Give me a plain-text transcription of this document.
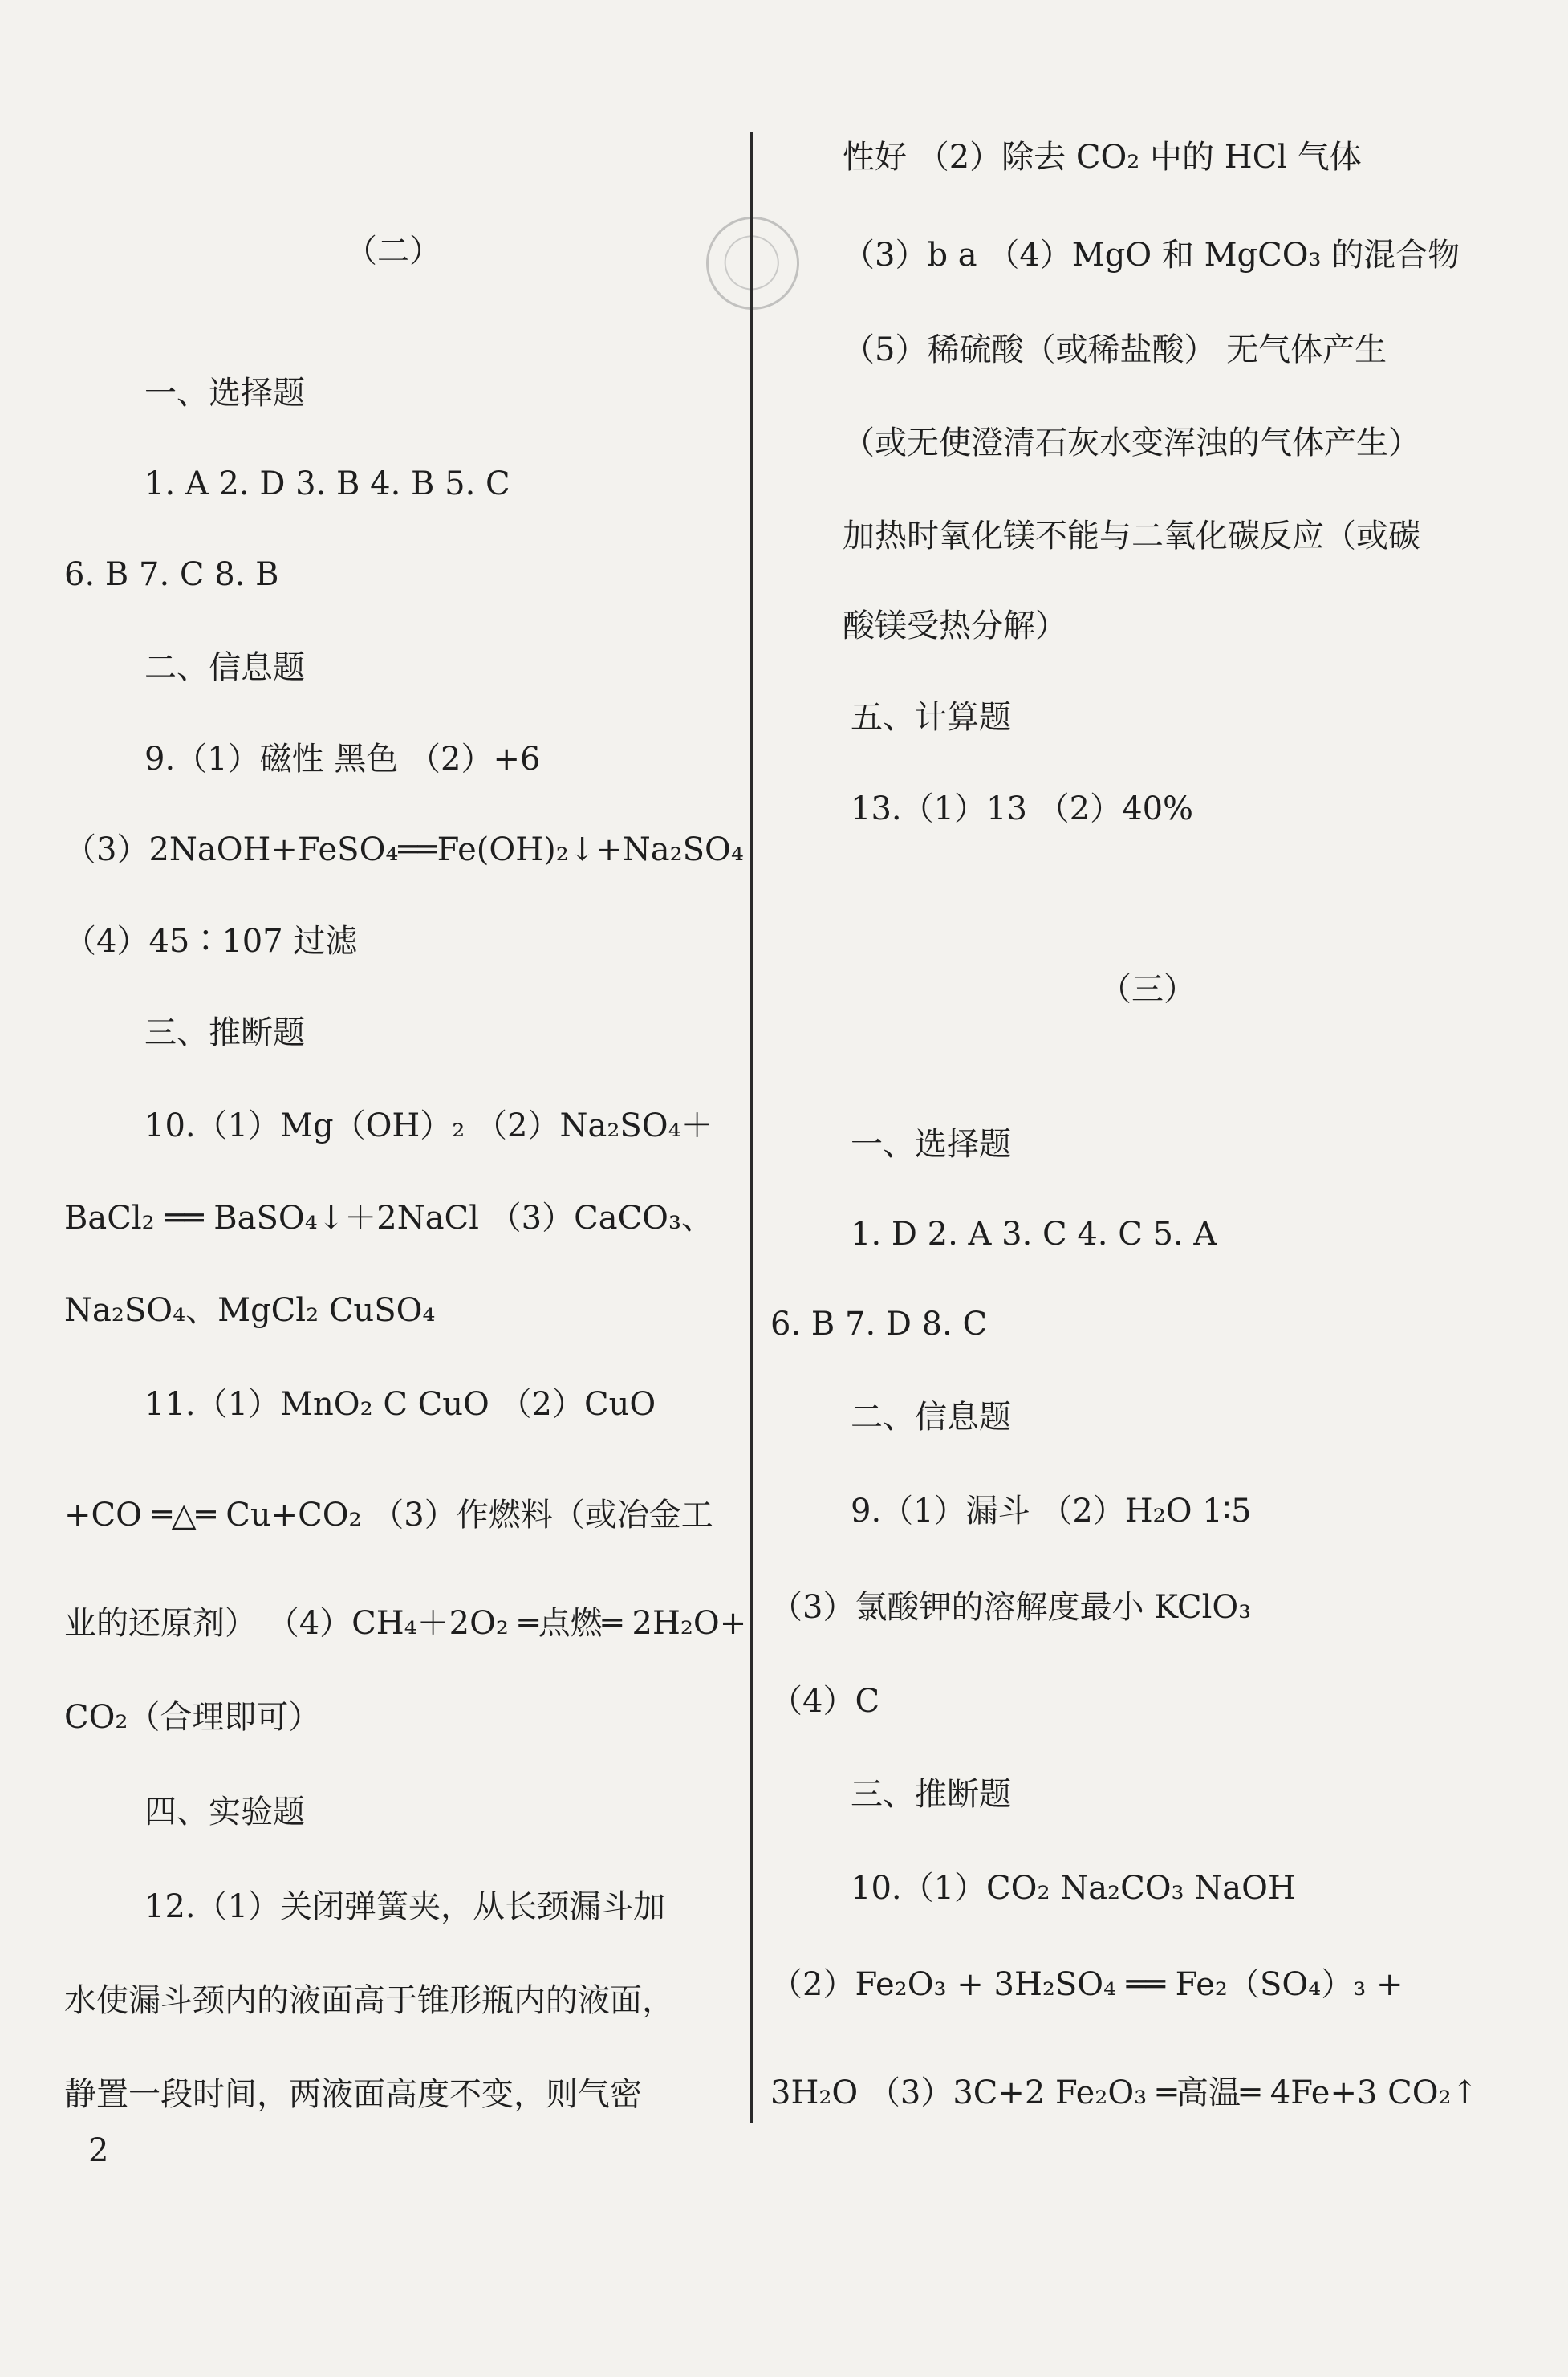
（二）
一、选择题
1. A 2. D 3. B 4. B 5. C
6. B 7. C 8. B
二、信息题
9.（1）磁性 黑色 （2）+6
（3）2NaOH+FeSO₄══Fe(OH)₂↓+Na₂SO₄
（4）45∶107 过滤
三、推断题
10.（1）Mg（OH）₂ （2）Na₂SO₄＋
BaCl₂ ══ BaSO₄↓＋2NaCl （3）CaCO₃、
Na₂SO₄、MgCl₂ CuSO₄
11.（1）MnO₂ C CuO （2）CuO
+CO ═△═ Cu+CO₂ （3）作燃料（或冶金工
业的还原剂） （4）CH₄＋2O₂ ═点燃═ 2H₂O+
CO₂（合理即可）
四、实验题
12.（1）关闭弹簧夹，从长颈漏斗加
水使漏斗颈内的液面高于锥形瓶内的液面，
静置一段时间，两液面高度不变，则气密
性好 （2）除去 CO₂ 中的 HCl 气体
（3）b a （4）MgO 和 MgCO₃ 的混合物
（5）稀硫酸（或稀盐酸） 无气体产生
（或无使澄清石灰水变浑浊的气体产生）
加热时氧化镁不能与二氧化碳反应（或碳
酸镁受热分解）
五、计算题
13.（1）13 （2）40%
（三）
一、选择题
1. D 2. A 3. C 4. C 5. A
6. B 7. D 8. C
二、信息题
9.（1）漏斗 （2）H₂O 1∶5
（3）氯酸钾的溶解度最小 KClO₃
（4）C
三、推断题
10.（1）CO₂ Na₂CO₃ NaOH
（2）Fe₂O₃ + 3H₂SO₄ ══ Fe₂（SO₄）₃ +
3H₂O （3）3C+2 Fe₂O₃ ═高温═ 4Fe+3 CO₂↑
2
